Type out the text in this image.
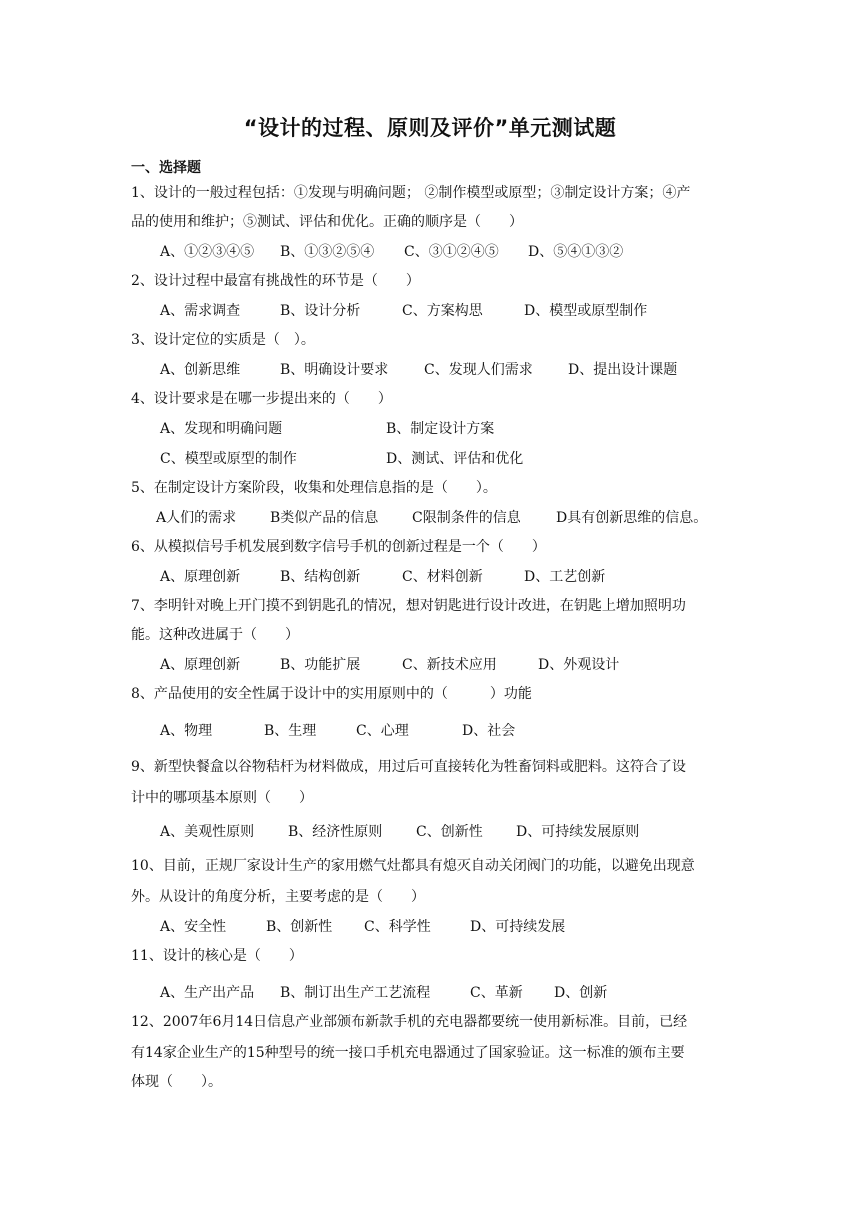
“设计的过程、原则及评价”单元测试题
一、选择题
1、设计的一般过程包括：①发现与明确问题； ②制作模型或原型；③制定设计方案；④产
品的使用和维护；⑤测试、评估和优化。正确的顺序是（　　）
A、①②③④⑤ B、①③②⑤④ C、③①②④⑤ D、⑤④①③②
2、设计过程中最富有挑战性的环节是（　　）
A、需求调查	B、设计分析	C、方案构思	D、模型或原型制作
3、设计定位的实质是（　）。
A、创新思维	B、明确设计要求	C、发现人们需求	D、提出设计课题
4、设计要求是在哪一步提出来的（　　）
A、发现和明确问题	B、制定设计方案
C、模型或原型的制作	D、测试、评估和优化
5、在制定设计方案阶段，收集和处理信息指的是（　　）。
A人们的需求 B类似产品的信息 C限制条件的信息	D具有创新思维的信息。
6、从模拟信号手机发展到数字信号手机的创新过程是一个（　　）
A、原理创新	B、结构创新	C、材料创新	D、工艺创新
7、李明针对晚上开门摸不到钥匙孔的情况，想对钥匙进行设计改进，在钥匙上增加照明功
能。这种改进属于（　　）
A、原理创新	B、功能扩展	C、新技术应用	D、外观设计
8、产品使用的安全性属于设计中的实用原则中的（　　　）功能
A、物理	B、生理	C、心理	D、社会
9、新型快餐盒以谷物秸杆为材料做成，用过后可直接转化为牲畜饲料或肥料。这符合了设
计中的哪项基本原则（　　）
A、美观性原则 B、经济性原则 C、创新性 D、可持续发展原则
10、目前，正规厂家设计生产的家用燃气灶都具有熄灭自动关闭阀门的功能，以避免出现意
外。从设计的角度分析，主要考虑的是（　　）
A、安全性	B、创新性 C、科学性	D、可持续发展
11、设计的核心是（　　）
A、生产出产品 B、制订出生产工艺流程	C、革新 D、创新
12、2007年6月14日信息产业部颁布新款手机的充电器都要统一使用新标准。目前，已经
有14家企业生产的15种型号的统一接口手机充电器通过了国家验证。这一标准的颁布主要
体现（　　）。
